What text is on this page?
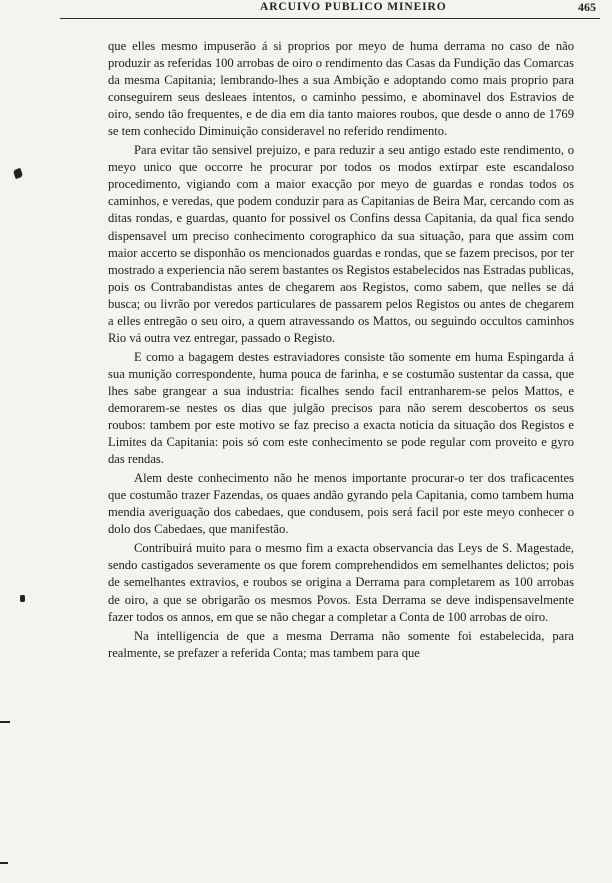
ARCUIVO PUBLICO MINEIRO	465

que elles mesmo impuserão á si proprios por meyo de huma derrama no caso de não produzir as referidas 100 arrobas de oiro o rendimento das Casas da Fundição das Comarcas da mesma Capitania; lembrando-lhes a sua Ambição e adoptando como mais proprio para conseguirem seus desleaes intentos, o caminho pessimo, e abominavel dos Estravios de oiro, sendo tão frequentes, e de dia em dia tanto maiores roubos, que desde o anno de 1769 se tem conhecido Diminuição consideravel no referido rendimento.

Para evitar tão sensivel prejuizo, e para reduzir a seu antigo estado este rendimento, o meyo unico que occorre he procurar por todos os modos extirpar este escandaloso procedimento, vigiando com a maior exacção por meyo de guardas e rondas todos os caminhos, e veredas, que podem conduzir para as Capitanias de Beira Mar, cercando com as ditas rondas, e guardas, quanto for possivel os Confins dessa Capitania, da qual fica sendo dispensavel um preciso conhecimento corographico da sua situação, para que assim com maior accerto se disponhão os mencionados guardas e rondas, que se fazem precisos, por ter mostrado a experiencia não serem bastantes os Registos estabelecidos nas Estradas publicas, pois os Contrabandistas antes de chegarem aos Registos, como sabem, que nelles se dá busca; ou livrão por veredos particulares de passarem pelos Registos ou antes de chegarem a elles entregão o seu oiro, a quem atravessando os Mattos, ou seguindo occultos caminhos Rio vá outra vez entregar, passado o Registo.

E como a bagagem destes estraviadores consiste tão somente em huma Espingarda á sua munição correspondente, huma pouca de farinha, e se costumão sustentar da cassa, que lhes sabe grangear a sua industria: ficalhes sendo facil entranharem-se pelos Mattos, e demorarem-se nestes os dias que julgão precisos para não serem descobertos os seus roubos: tambem por este motivo se faz preciso a exacta noticia da situação dos Registos e Limites da Capitania: pois só com este conhecimento se pode regular com proveito e gyro das rendas.

Alem deste conhecimento não he menos importante procurar-o ter dos traficacentes que costumão trazer Fazendas, os quaes andão gyrando pela Capitania, como tambem huma mendia averiguação dos cabedaes, que condusem, pois será facil por este meyo conhecer o dolo dos Cabedaes, que manifestão.

Contribuirá muito para o mesmo fim a exacta observancia das Leys de S. Magestade, sendo castigados severamente os que forem comprehendidos em semelhantes delictos; pois de semelhantes extravios, e roubos se origina a Derrama para completarem as 100 arrobas de oiro, a que se obrigarão os mesmos Povos. Esta Derrama se deve indispensavelmente fazer todos os annos, em que se não chegar a completar a Conta de 100 arrobas de oiro.

Na intelligencia de que a mesma Derrama não somente foi estabelecida, para realmente, se prefazer a referida Conta; mas tambem para que
